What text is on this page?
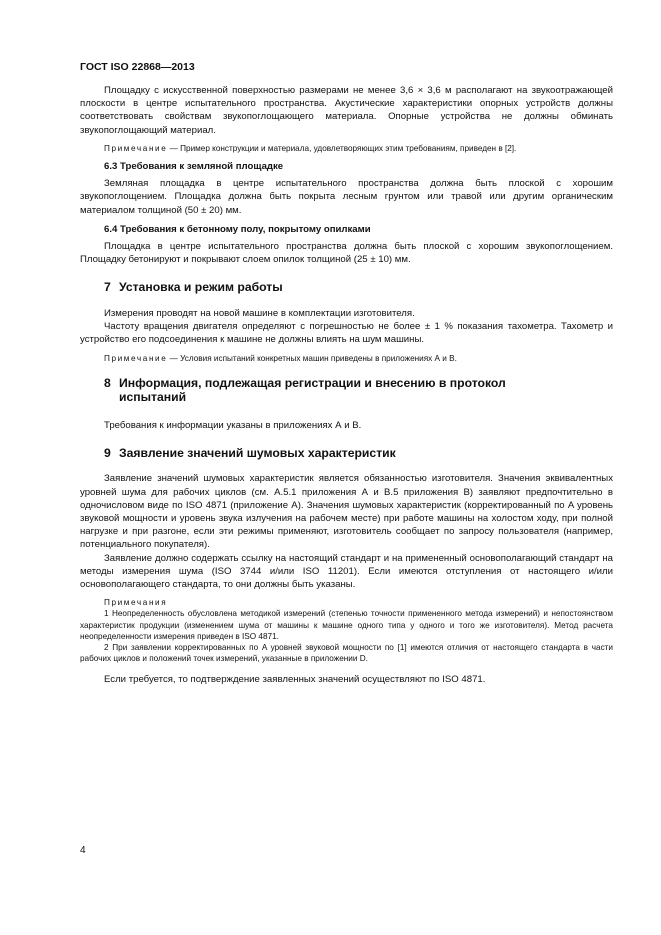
ГОСТ ISO 22868—2013

Площадку с искусственной поверхностью размерами не менее 3,6 × 3,6 м располагают на звукоотражающей плоскости в центре испытательного пространства. Акустические характеристики опорных устройств должны соответствовать свойствам звукопоглощающего материала. Опорные устройства не должны обминать звукопоглощающий материал.

Примечание — Пример конструкции и материала, удовлетворяющих этим требованиям, приведен в [2].

6.3 Требования к земляной площадке

Земляная площадка в центре испытательного пространства должна быть плоской с хорошим звукопоглощением. Площадка должна быть покрыта лесным грунтом или травой или другим органическим материалом толщиной (50 ± 20) мм.

6.4 Требования к бетонному полу, покрытому опилками

Площадка в центре испытательного пространства должна быть плоской с хорошим звукопоглощением. Площадку бетонируют и покрывают слоем опилок толщиной (25 ± 10) мм.

7 Установка и режим работы

Измерения проводят на новой машине в комплектации изготовителя.

Частоту вращения двигателя определяют с погрешностью не более ± 1 % показания тахометра. Тахометр и устройство его подсоединения к машине не должны влиять на шум машины.

Примечание — Условия испытаний конкретных машин приведены в приложениях А и В.

8 Информация, подлежащая регистрации и внесению в протокол
испытаний

Требования к информации указаны в приложениях А и В.

9 Заявление значений шумовых характеристик

Заявление значений шумовых характеристик является обязанностью изготовителя. Значения эквивалентных уровней шума для рабочих циклов (см. А.5.1 приложения А и В.5 приложения В) заявляют предпочтительно в одночисловом виде по ISO 4871 (приложение А). Значения шумовых характеристик (корректированный по A уровень звуковой мощности и уровень звука излучения на рабочем месте) при работе машины на холостом ходу, при полной нагрузке и при разгоне, если эти режимы применяют, изготовитель сообщает по запросу пользователя (например, потенциального покупателя).

Заявление должно содержать ссылку на настоящий стандарт и на примененный основополагающий стандарт на методы измерения шума (ISO 3744 и/или ISO 11201). Если имеются отступления от настоящего и/или основополагающего стандарта, то они должны быть указаны.

Примечания

1 Неопределенность обусловлена методикой измерений (степенью точности примененного метода измерений) и непостоянством характеристик продукции (изменением шума от машины к машине одного типа у одного и того же изготовителя). Метод расчета неопределенности измерения приведен в ISO 4871.

2 При заявлении корректированных по A уровней звуковой мощности по [1] имеются отличия от настоящего стандарта в части рабочих циклов и положений точек измерений, указанные в приложении D.

Если требуется, то подтверждение заявленных значений осуществляют по ISO 4871.

4
